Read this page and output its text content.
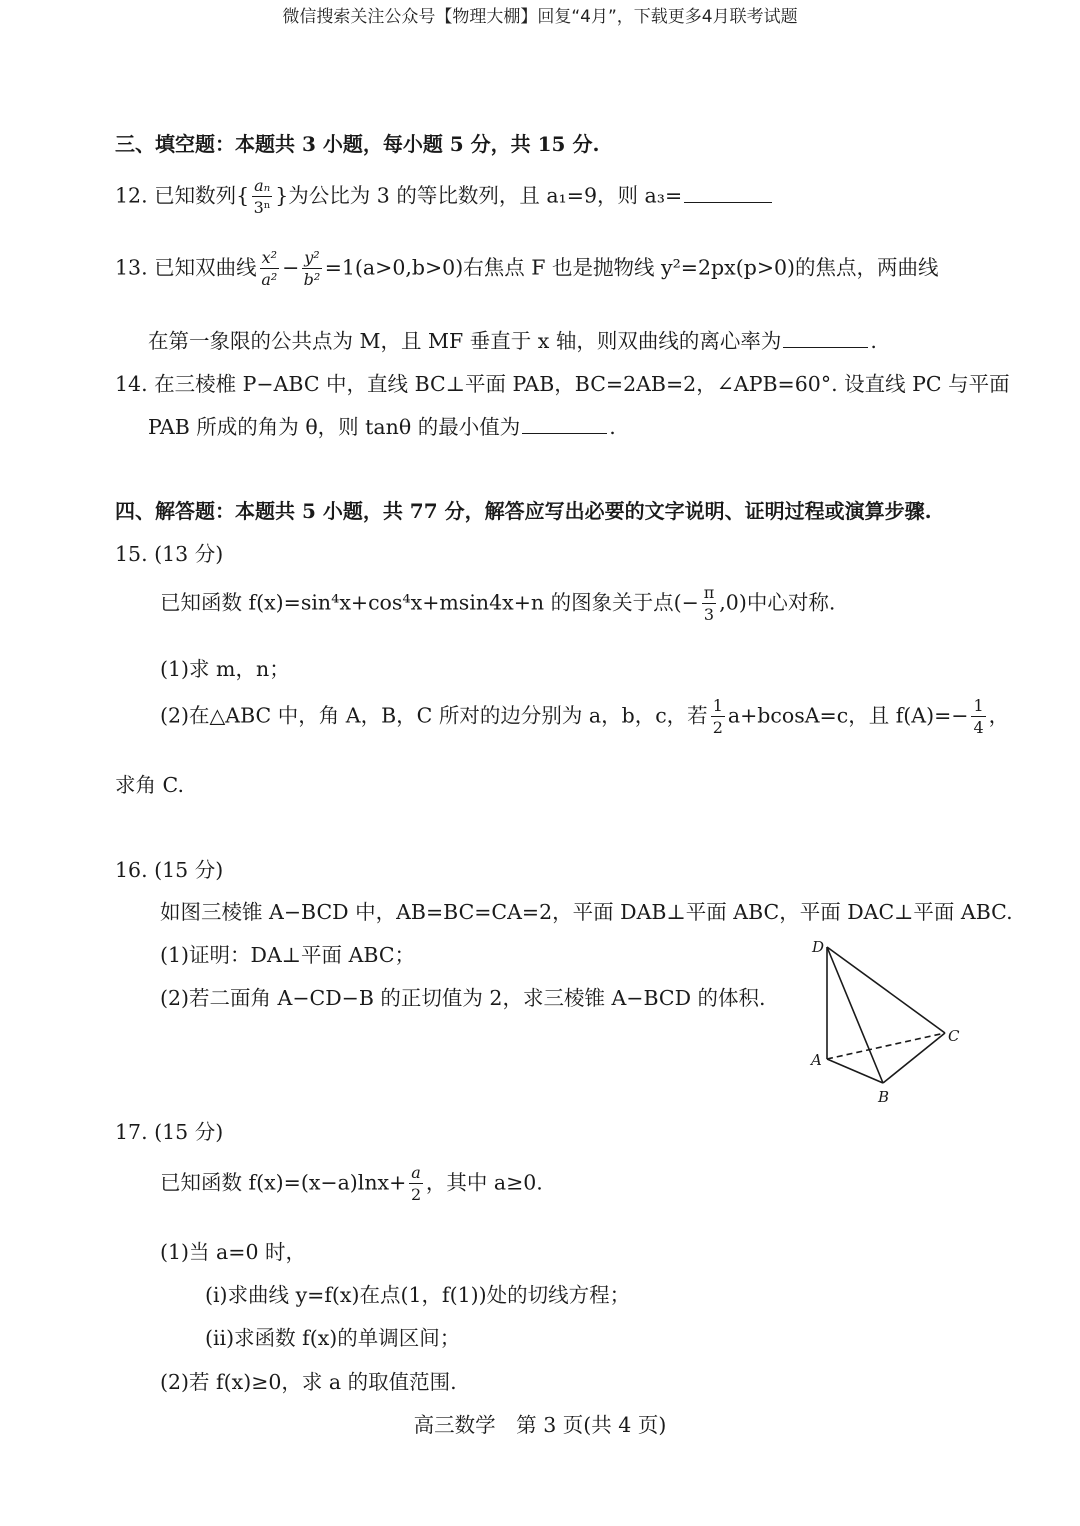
微信搜索关注公众号【物理大棚】回复“4月”，下载更多4月联考试题
三、填空题：本题共 3 小题，每小题 5 分，共 15 分.
12. 已知数列{ $\frac{\text{aₙ}}{\text{3ⁿ}}$ }为公比为 3 的等比数列，且 a₁=9，则 a₃=
13. 已知双曲线 $\frac{\text{x²}}{\text{a²}} - \frac{\text{y²}}{\text{b²}} =1(a>0,b>0)$右焦点 F 也是抛物线 y²=2px(p>0)的焦点，两曲线
在第一象限的公共点为 M，且 MF 垂直于 x 轴，则双曲线的离心率为	.
14. 在三棱椎 P−ABC 中，直线 BC⊥平面 PAB，BC=2AB=2，∠APB=60°. 设直线 PC 与平面
PAB 所成的角为 θ，则 tanθ 的最小值为	.
四、解答题：本题共 5 小题，共 77 分，解答应写出必要的文字说明、证明过程或演算步骤.
15. (13 分)
已知函数 f(x)=sin⁴x+cos⁴x+msin4x+n 的图象关于点(− $\frac{\pi}{3} ,0$)中心对称.
(1)求 m，n；
(2)在△ABC 中，角 A，B，C 所对的边分别为 a，b，c，若 $\frac{1}{2} a+bcosA=c$，且 $f(A)=- \frac{1}{4}$ ，
求角 C.
16. (15 分)
如图三棱锥 A−BCD 中，AB=BC=CA=2，平面 DAB⊥平面 ABC，平面 DAC⊥平面 ABC.
(1)证明：DA⊥平面 ABC；
(2)若二面角 A−CD−B 的正切值为 2，求三棱锥 A−BCD 的体积.
D
A
B
C
17. (15 分)
已知函数 $f(x)=(x-a)\ln x+ \frac{a}{2}$ ，其中 a≥0.
(1)当 a=0 时，
(ⅰ)求曲线 y=f(x)在点(1，f(1))处的切线方程；
(ⅱ)求函数 f(x)的单调区间；
(2)若 f(x)≥0，求 a 的取值范围.
高三数学　第 3 页(共 4 页)
